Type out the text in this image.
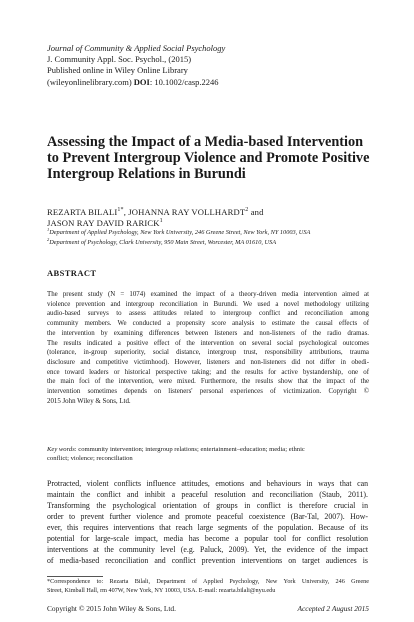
Journal of Community & Applied Social Psychology
J. Community Appl. Soc. Psychol., (2015)
Published online in Wiley Online Library
(wileyonlinelibrary.com) DOI: 10.1002/casp.2246
Assessing the Impact of a Media-based Intervention
to Prevent Intergroup Violence and Promote Positive
Intergroup Relations in Burundi
REZARTA $BILALI^{1*}$, JOHANNA RAY VOLLHARDT$^2$ and
JASON RAY DAVID RARICK$^1$
$^1$Department of Applied Psychology, New York University, 246 Greene Street, New York, NY 10003, USA
$^2$Department of Psychology, Clark University, 950 Main Street, Worcester, MA 01610, USA
ABSTRACT
The present study (N = 1074) examined the impact of a theory-driven media intervention aimed at
violence prevention and intergroup reconciliation in Burundi. We used a novel methodology utilizing
audio-based surveys to assess attitudes related to intergroup conflict and reconciliation among
community members. We conducted a propensity score analysis to estimate the causal effects of
the intervention by examining differences between listeners and non-listeners of the radio dramas.
The results indicated a positive effect of the intervention on several social psychological outcomes
(tolerance, in-group superiority, social distance, intergroup trust, responsibility attributions, trauma
disclosure and competitive victimhood). However, listeners and non-listeners did not differ in obedi-
ence toward leaders or historical perspective taking; and the results for active bystandership, one of
the main foci of the intervention, were mixed. Furthermore, the results show that the impact of the
intervention sometimes depends on listeners' personal experiences of victimization. Copyright ©
2015 John Wiley & Sons, Ltd.
Key words: community intervention; intergroup relations; entertainment–education; media; ethnic
conflict; violence; reconciliation
Protracted, violent conflicts influence attitudes, emotions and behaviours in ways that can
maintain the conflict and inhibit a peaceful resolution and reconciliation (Staub, 2011).
Transforming the psychological orientation of groups in conflict is therefore crucial in
order to prevent further violence and promote peaceful coexistence (Bar-Tal, 2007). How-
ever, this requires interventions that reach large segments of the population. Because of its
potential for large-scale impact, media has become a popular tool for conflict resolution
interventions at the community level (e.g. Paluck, 2009). Yet, the evidence of the impact
of media-based reconciliation and conflict prevention interventions on target audiences is
*Correspondence to: Rezarta Bilali, Department of Applied Psychology, New York University, 246 Greene
Street, Kimball Hall, rm 407W, New York, NY 10003, USA. E-mail: rezarta.bilali@nyu.edu
Copyright © 2015 John Wiley & Sons, Ltd.	Accepted 2 August 2015
